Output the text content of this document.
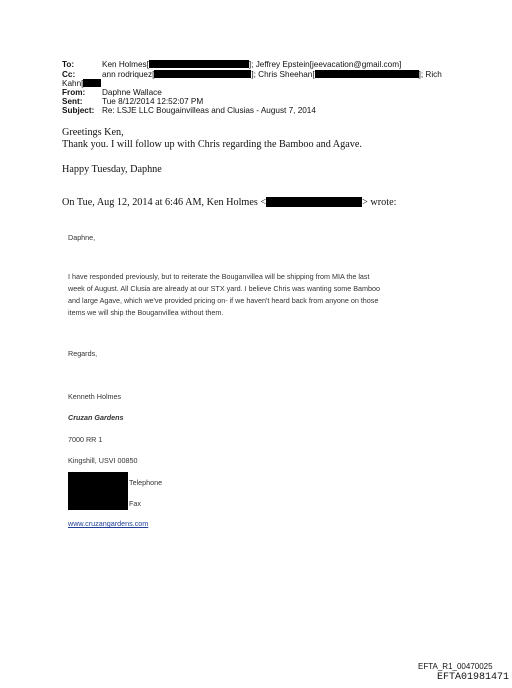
To:	Ken Holmes[	]; Jeffrey Epstein[jeevacation@gmail.com]
Cc:	ann rodriquez[	]; Chris Sheehan[	]; Rich
Kahn[
From: Daphne Wallace
Sent: Tue 8/12/2014 12:52:07 PM
Subject: Re: LSJE LLC Bougainvilleas and Clusias - August 7, 2014
Greetings Ken,
Thank you. I will follow up with Chris regarding the Bamboo and Agave.
Happy Tuesday, Daphne
On Tue, Aug 12, 2014 at 6:46 AM, Ken Holmes <	> wrote:
Daphne,
I have responded previously, but to reiterate the Bouganvillea will be shipping from MIA the last
week of August. All Clusia are already at our STX yard. I believe Chris was wanting some Bamboo
and large Agave, which we've provided pricing on- if we haven't heard back from anyone on those
items we will ship the Bouganvillea without them.
Regards,
Kenneth Holmes
Cruzan Gardens
7000 RR 1
Kingshill, USVI 00850
Telephone
Fax
www.cruzangardens.com
EFTA_R1_00470025
EFTA01981471
